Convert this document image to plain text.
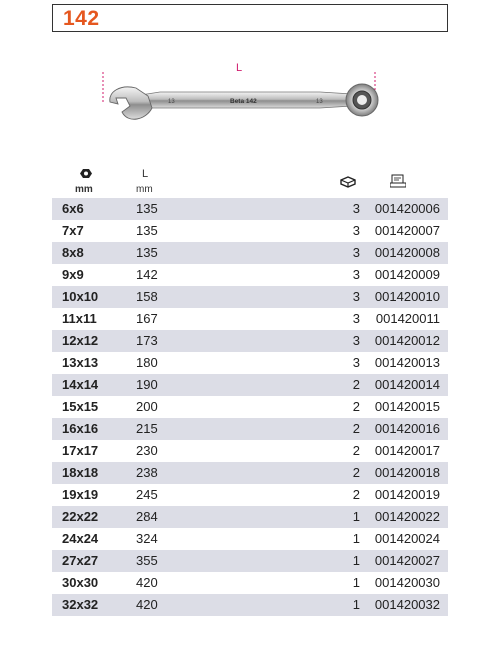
142
L
13	Beta 142	13
mm
L
mm
6x6	135	3 001420006
7x7	135	3 001420007
8x8	135	3 001420008
9x9	142	3 001420009
10x10	158	3 001420010
11x11	167	3 001420011
12x12	173	3 001420012
13x13	180	3 001420013
14x14	190	2 001420014
15x15	200	2 001420015
16x16	215	2 001420016
17x17	230	2 001420017
18x18	238	2 001420018
19x19	245	2 001420019
22x22	284	1 001420022
24x24	324	1 001420024
27x27	355	1 001420027
30x30	420	1 001420030
32x32	420	1 001420032
